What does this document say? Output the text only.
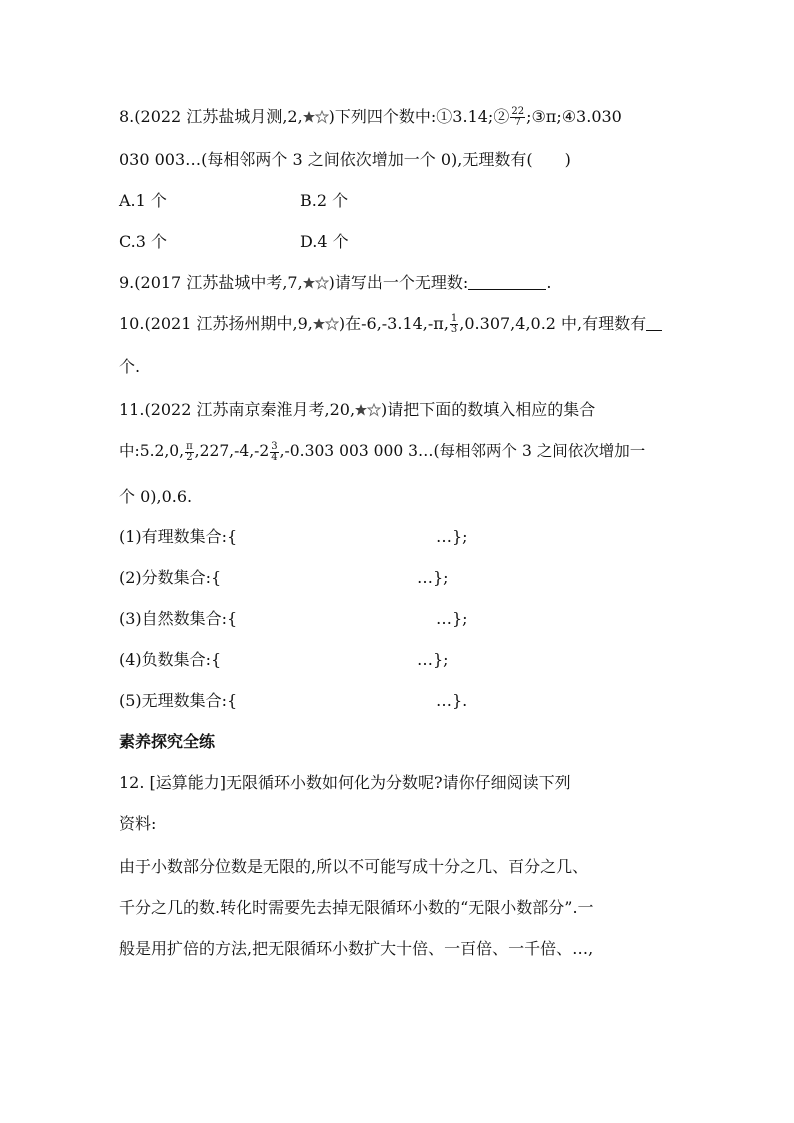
8.(2022 江苏盐城月测,2, )下列四个数中:①3.14;② $\frac{22}{7}$ ;③π;④3.030
030 003…(每相邻两个 3 之间依次增加一个 0),无理数有(　　)
A.1 个	B.2 个
C.3 个	D.4 个
9.(2017 江苏盐城中考,7, )请写出一个无理数:	.
10.(2021 江苏扬州期中,9, )在-6,-3.14,-π, $\frac{1}{3} ,0.307,4,0.2$ 中,有理数有
个.
11.(2022 江苏南京秦淮月考,20, )请把下面的数填入相应的集合
中:5.2,0, $\frac{\pi}{2} ,227,-4,-2 \frac{3}{4} ,-0.303$ 003 000 3…(每相邻两个 3 之间依次增加一
个 0),0.6.
(1)有理数集合:{	…};
(2)分数集合:{	…};
(3)自然数集合:{	…};
(4)负数集合:{	…};
(5)无理数集合:{	…}.
素养探究全练
12. [运算能力]无限循环小数如何化为分数呢?请你仔细阅读下列
资料:
由于小数部分位数是无限的,所以不可能写成十分之几、百分之几、
千分之几的数.转化时需要先去掉无限循环小数的“无限小数部分”.一
般是用扩倍的方法,把无限循环小数扩大十倍、一百倍、一千倍、…,
